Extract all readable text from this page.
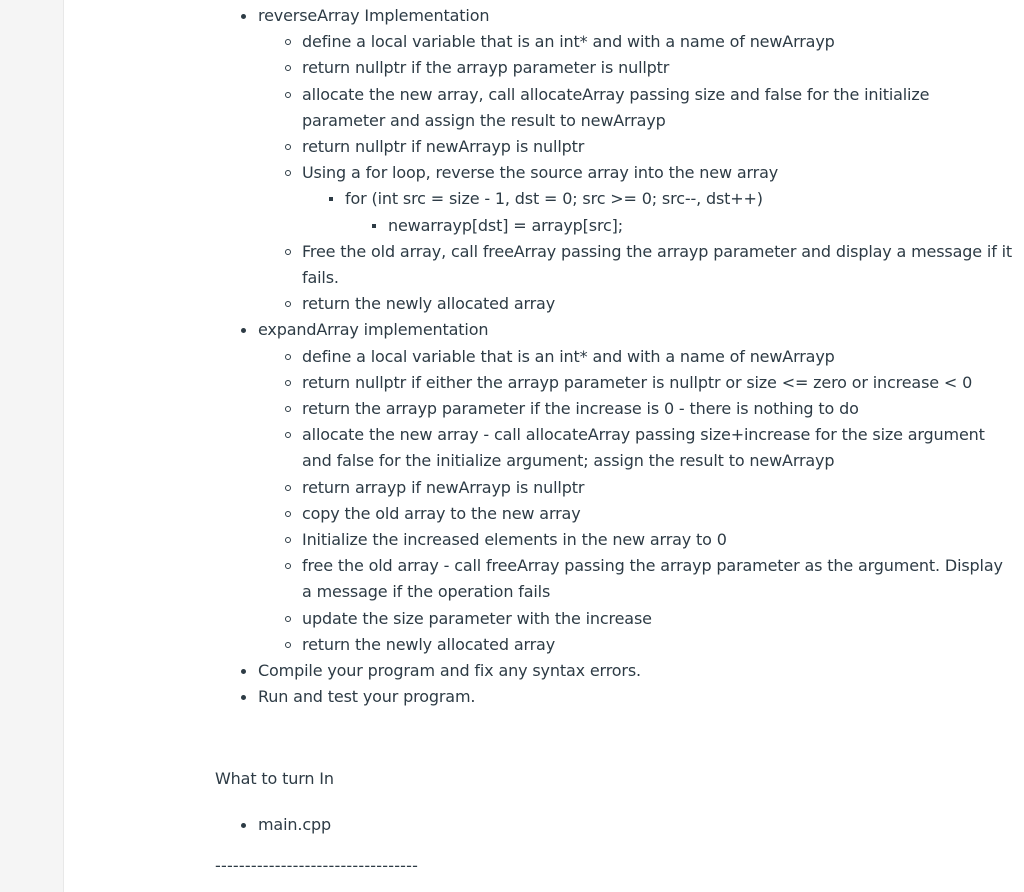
reverseArray Implementation
define a local variable that is an int* and with a name of newArrayp
return nullptr if the arrayp parameter is nullptr
allocate the new array, call allocateArray passing size and false for the initialize parameter and assign the result to newArrayp
return nullptr if newArrayp is nullptr
Using a for loop, reverse the source array into the new array
for (int src = size - 1, dst = 0; src >= 0; src--, dst++)
newarrayp[dst] = arrayp[src];
Free the old array, call freeArray passing the arrayp parameter and display a message if it fails.
return the newly allocated array
expandArray implementation
define a local variable that is an int* and with a name of newArrayp
return nullptr if either the arrayp parameter is nullptr or size <= zero or increase < 0
return the arrayp parameter if the increase is 0 - there is nothing to do
allocate the new array - call allocateArray passing size+increase for the size argument and false for the initialize argument; assign the result to newArrayp
return arrayp if newArrayp is nullptr
copy the old array to the new array
Initialize the increased elements in the new array to 0
free the old array - call freeArray passing the arrayp parameter as the argument. Display a message if the operation fails
update the size parameter with the increase
return the newly allocated array
Compile your program and fix any syntax errors.
Run and test your program.
What to turn In
main.cpp
----------------------------------
